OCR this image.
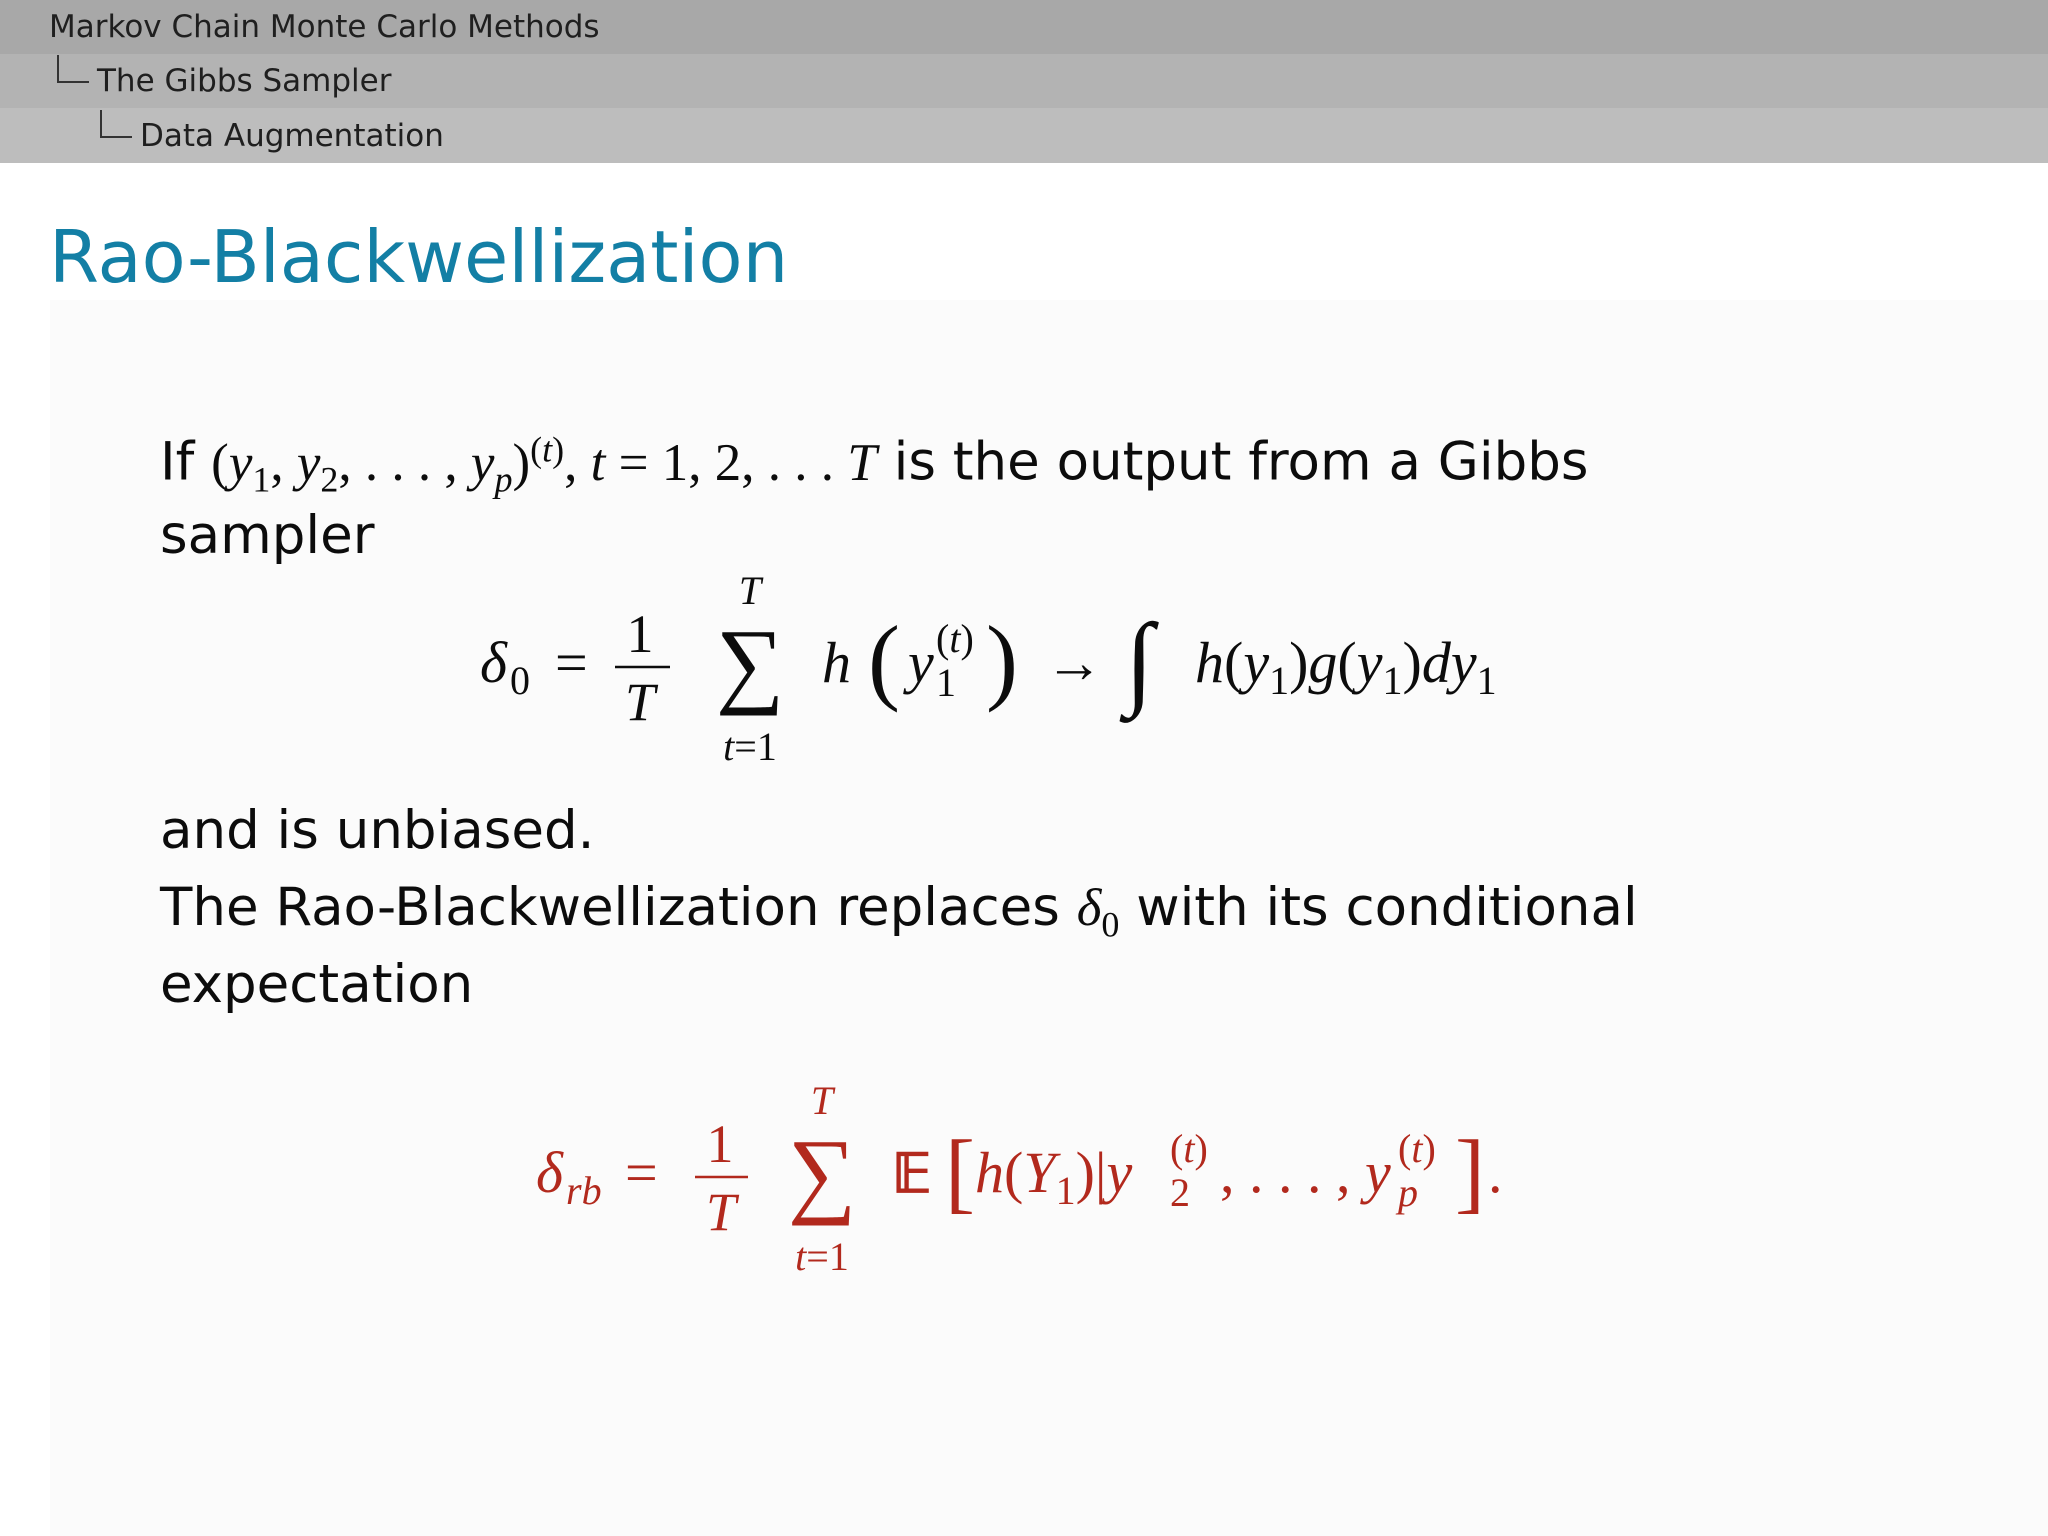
Markov Chain Monte Carlo Methods
The Gibbs Sampler
Data Augmentation
Rao-Blackwellization
If ($y_1$, $y_2$, . . . , $y_p)^{(t)}$, t = 1, 2, . . . T is the output from a Gibbs
sampler
δ 0 = 1
T
T
∑
t=1
h ( y 1
(t) ) → ∫ $h(y_1)g(y_1)dy_1$
and is unbiased.
The Rao-Blackwellization replaces $\delta_0$ with its conditional
expectation
δ rb = 1
T
T
∑
t=1
𝔼 [ $h(Y_1)|y$ 2
(t) , . . . , y p
(t) ] .
